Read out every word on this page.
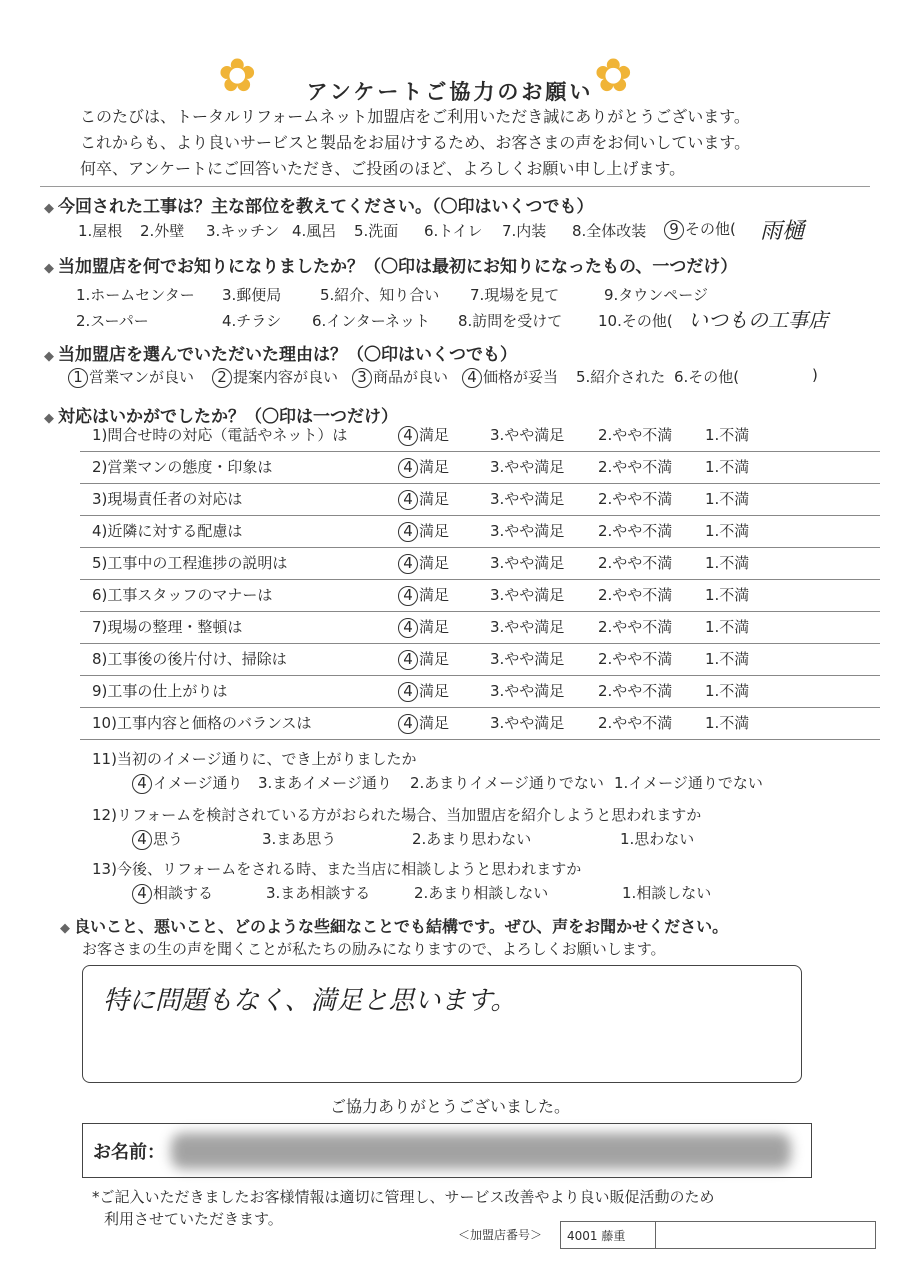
✿	✿
アンケートご協力のお願い
このたびは、トータルリフォームネット加盟店をご利用いただき誠にありがとうございます。
これからも、より良いサービスと製品をお届けするため、お客さまの声をお伺いしています。
何卒、アンケートにご回答いただき、ご投函のほど、よろしくお願い申し上げます。
◆ 今回された工事は？主な部位を教えてください。（〇印はいくつでも）
1.屋根 2.外壁 3.キッチン 4.風呂 5.洗面 6.トイレ 7.内装 8.全体改装	9 その他( 雨樋
◆ 当加盟店を何でお知りになりましたか？（〇印は最初にお知りになったもの、一つだけ）
1.ホームセンター 3.郵便局	5.紹介、知り合い 7.現場を見て	9.タウンページ
2.スーパー	4.チラシ 6.インターネット 8.訪問を受けて 10.その他( いつもの工事店
◆ 当加盟店を選んでいただいた理由は？（〇印はいくつでも）
1 営業マンが良い	2 提案内容が良い	3 商品が良い	4 価格が妥当 5.紹介された 6.その他(	)
◆ 対応はいかがでしたか？（〇印は一つだけ）
1)問合せ時の対応（電話やネット）は	4 満足	3.やや満足 2.やや不満 1.不満
2)営業マンの態度・印象は	4 満足	3.やや満足 2.やや不満 1.不満
3)現場責任者の対応は	4 満足	3.やや満足 2.やや不満 1.不満
4)近隣に対する配慮は	4 満足	3.やや満足 2.やや不満 1.不満
5)工事中の工程進捗の説明は	4 満足	3.やや満足 2.やや不満 1.不満
6)工事スタッフのマナーは	4 満足	3.やや満足 2.やや不満 1.不満
7)現場の整理・整頓は	4 満足	3.やや満足 2.やや不満 1.不満
8)工事後の後片付け、掃除は	4 満足	3.やや満足 2.やや不満 1.不満
9)工事の仕上がりは	4 満足	3.やや満足 2.やや不満 1.不満
10)工事内容と価格のバランスは	4 満足	3.やや満足 2.やや不満 1.不満
11)当初のイメージ通りに、でき上がりましたか
4 イメージ通り 3.まあイメージ通り 2.あまりイメージ通りでない 1.イメージ通りでない
12)リフォームを検討されている方がおられた場合、当加盟店を紹介しようと思われますか
4 思う	3.まあ思う	2.あまり思わない	1.思わない
13)今後、リフォームをされる時、また当店に相談しようと思われますか
4 相談する	3.まあ相談する	2.あまり相談しない	1.相談しない
◆ 良いこと、悪いこと、どのような些細なことでも結構です。ぜひ、声をお聞かせください。
お客さまの生の声を聞くことが私たちの励みになりますので、よろしくお願いします。
特に問題もなく、満足と思います。
ご協力ありがとうございました。
お名前：
*ご記入いただきましたお客様情報は適切に管理し、サービス改善やより良い販促活動のため
利用させていただきます。
＜加盟店番号＞ 4001 藤重
